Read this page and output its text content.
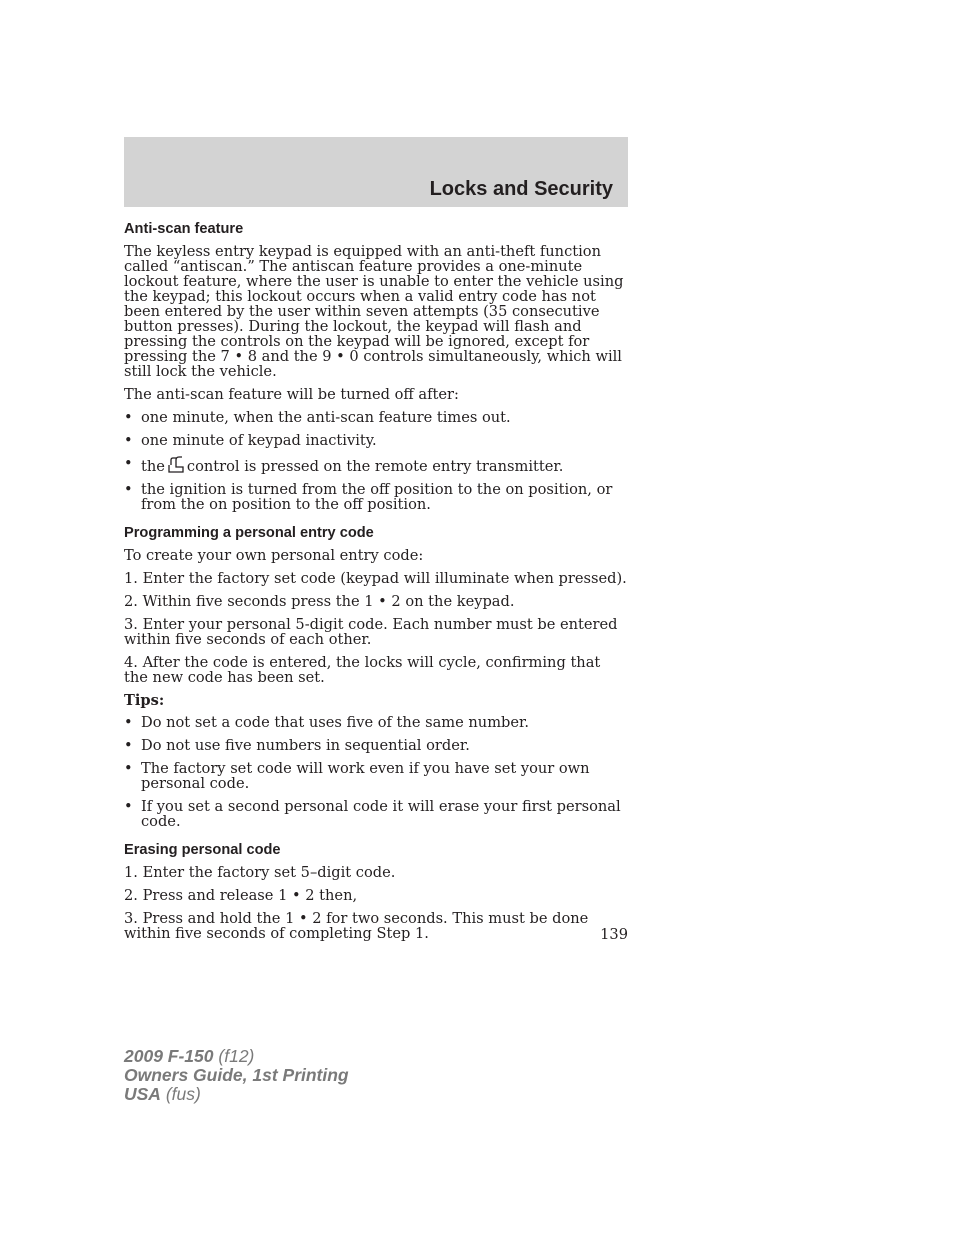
Locks and Security
Anti-scan feature

The keyless entry keypad is equipped with an anti-theft function called “antiscan.” The antiscan feature provides a one-minute lockout feature, where the user is unable to enter the vehicle using the keypad; this lockout occurs when a valid entry code has not been entered by the user within seven attempts (35 consecutive button presses). During the lockout, the keypad will flash and pressing the controls on the keypad will be ignored, except for pressing the 7 • 8 and the 9 • 0 controls simultaneously, which will still lock the vehicle.

The anti-scan feature will be turned off after:

• one minute, when the anti-scan feature times out.
• one minute of keypad inactivity.
• the control is pressed on the remote entry transmitter.
• the ignition is turned from the off position to the on position, or from the on position to the off position.
Programming a personal entry code

To create your own personal entry code:

1. Enter the factory set code (keypad will illuminate when pressed).

2. Within five seconds press the 1 • 2 on the keypad.

3. Enter your personal 5-digit code. Each number must be entered within five seconds of each other.

4. After the code is entered, the locks will cycle, confirming that the new code has been set.

Tips:
• Do not set a code that uses five of the same number.
• Do not use five numbers in sequential order.
• The factory set code will work even if you have set your own personal code.
• If you set a second personal code it will erase your first personal code.
Erasing personal code

1. Enter the factory set 5–digit code.

2. Press and release 1 • 2 then,

3. Press and hold the 1 • 2 for two seconds. This must be done within five seconds of completing Step 1.	139
2009 F-150 (f12)
Owners Guide, 1st Printing
USA (fus)
